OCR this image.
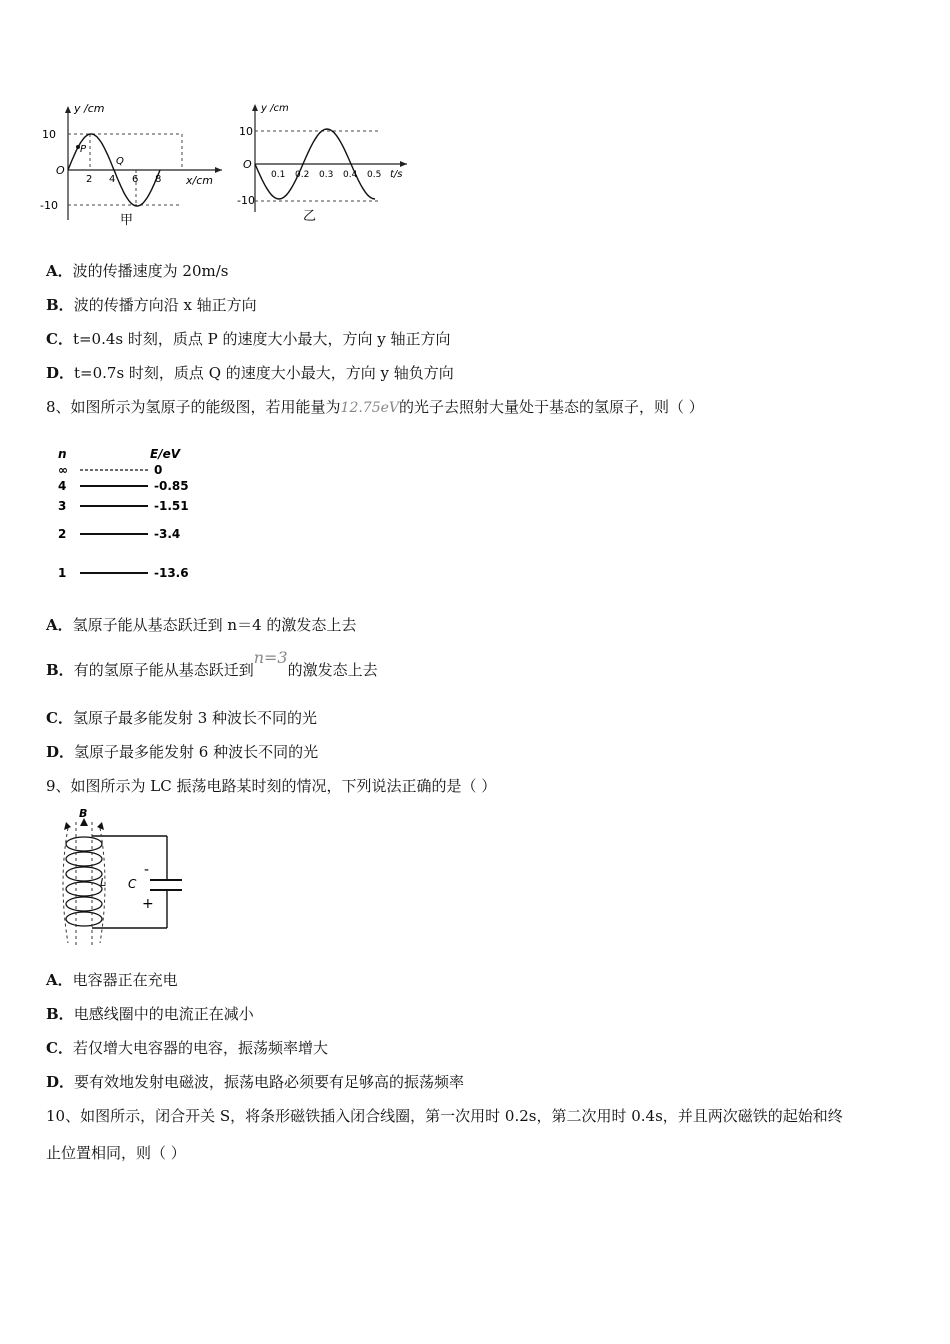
10
-10
O
y /cm
x/cm
2 4 6 8
P
Q
甲
10
-10
O
y /cm
t/s
0.1 0.2 0.3 0.4 0.5
乙
A．波的传播速度为 20m/s
B．波的传播方向沿 x 轴正方向
C．t=0.4s 时刻，质点 P 的速度大小最大，方向 y 轴正方向
D．t=0.7s 时刻，质点 Q 的速度大小最大，方向 y 轴负方向
8、如图所示为氢原子的能级图，若用能量为12.75eV的光子去照射大量处于基态的氢原子，则（ ）
n	E/eV
∞	0
4	-0.85
3	-1.51
2	-3.4
1	-13.6
A．氢原子能从基态跃迁到 n＝4 的激发态上去
B．有的氢原子能从基态跃迁到n=3的激发态上去
C．氢原子最多能发射 3 种波长不同的光
D．氢原子最多能发射 6 种波长不同的光
9、如图所示为 LC 振荡电路某时刻的情况，下列说法正确的是（ ）
B
L C
-
+
A．电容器正在充电
B．电感线圈中的电流正在减小
C．若仅增大电容器的电容，振荡频率增大
D．要有效地发射电磁波，振荡电路必须要有足够高的振荡频率
10、如图所示，闭合开关 S，将条形磁铁插入闭合线圈，第一次用时 0.2s，第二次用时 0.4s，并且两次磁铁的起始和终
止位置相同，则（ ）
